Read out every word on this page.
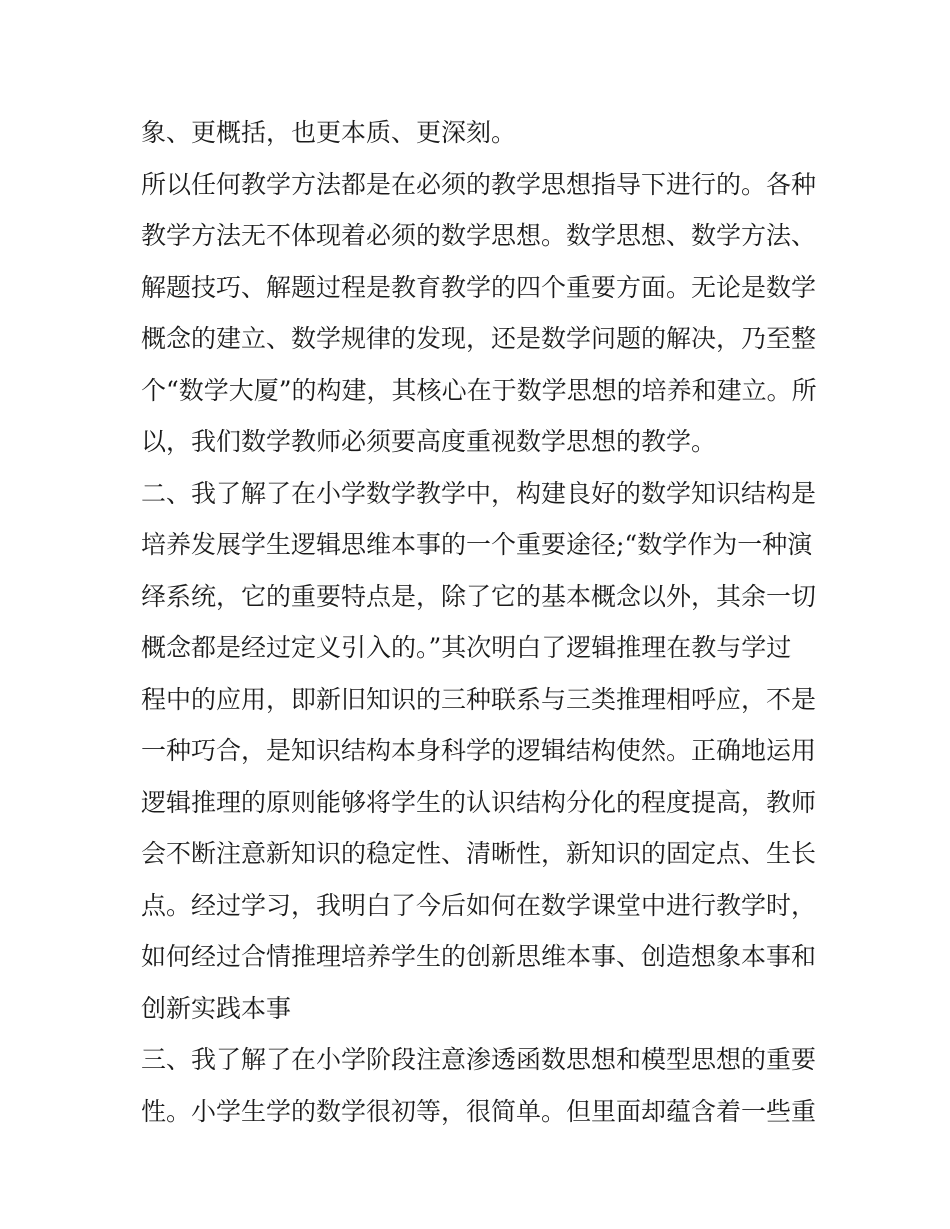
象、更概括，也更本质、更深刻。
所以任何教学方法都是在必须的教学思想指导下进行的。各种
教学方法无不体现着必须的数学思想。数学思想、数学方法、
解题技巧、解题过程是教育教学的四个重要方面。无论是数学
概念的建立、数学规律的发现，还是数学问题的解决，乃至整
个“数学大厦”的构建，其核心在于数学思想的培养和建立。所
以，我们数学教师必须要高度重视数学思想的教学。
二、我了解了在小学数学教学中，构建良好的数学知识结构是
培养发展学生逻辑思维本事的一个重要途径;“数学作为一种演
绎系统，它的重要特点是，除了它的基本概念以外，其余一切
概念都是经过定义引入的。”其次明白了逻辑推理在教与学过
程中的应用，即新旧知识的三种联系与三类推理相呼应，不是
一种巧合，是知识结构本身科学的逻辑结构使然。正确地运用
逻辑推理的原则能够将学生的认识结构分化的程度提高，教师
会不断注意新知识的稳定性、清晰性，新知识的固定点、生长
点。经过学习，我明白了今后如何在数学课堂中进行教学时，
如何经过合情推理培养学生的创新思维本事、创造想象本事和
创新实践本事
三、我了解了在小学阶段注意渗透函数思想和模型思想的重要
性。小学生学的数学很初等，很简单。但里面却蕴含着一些重
